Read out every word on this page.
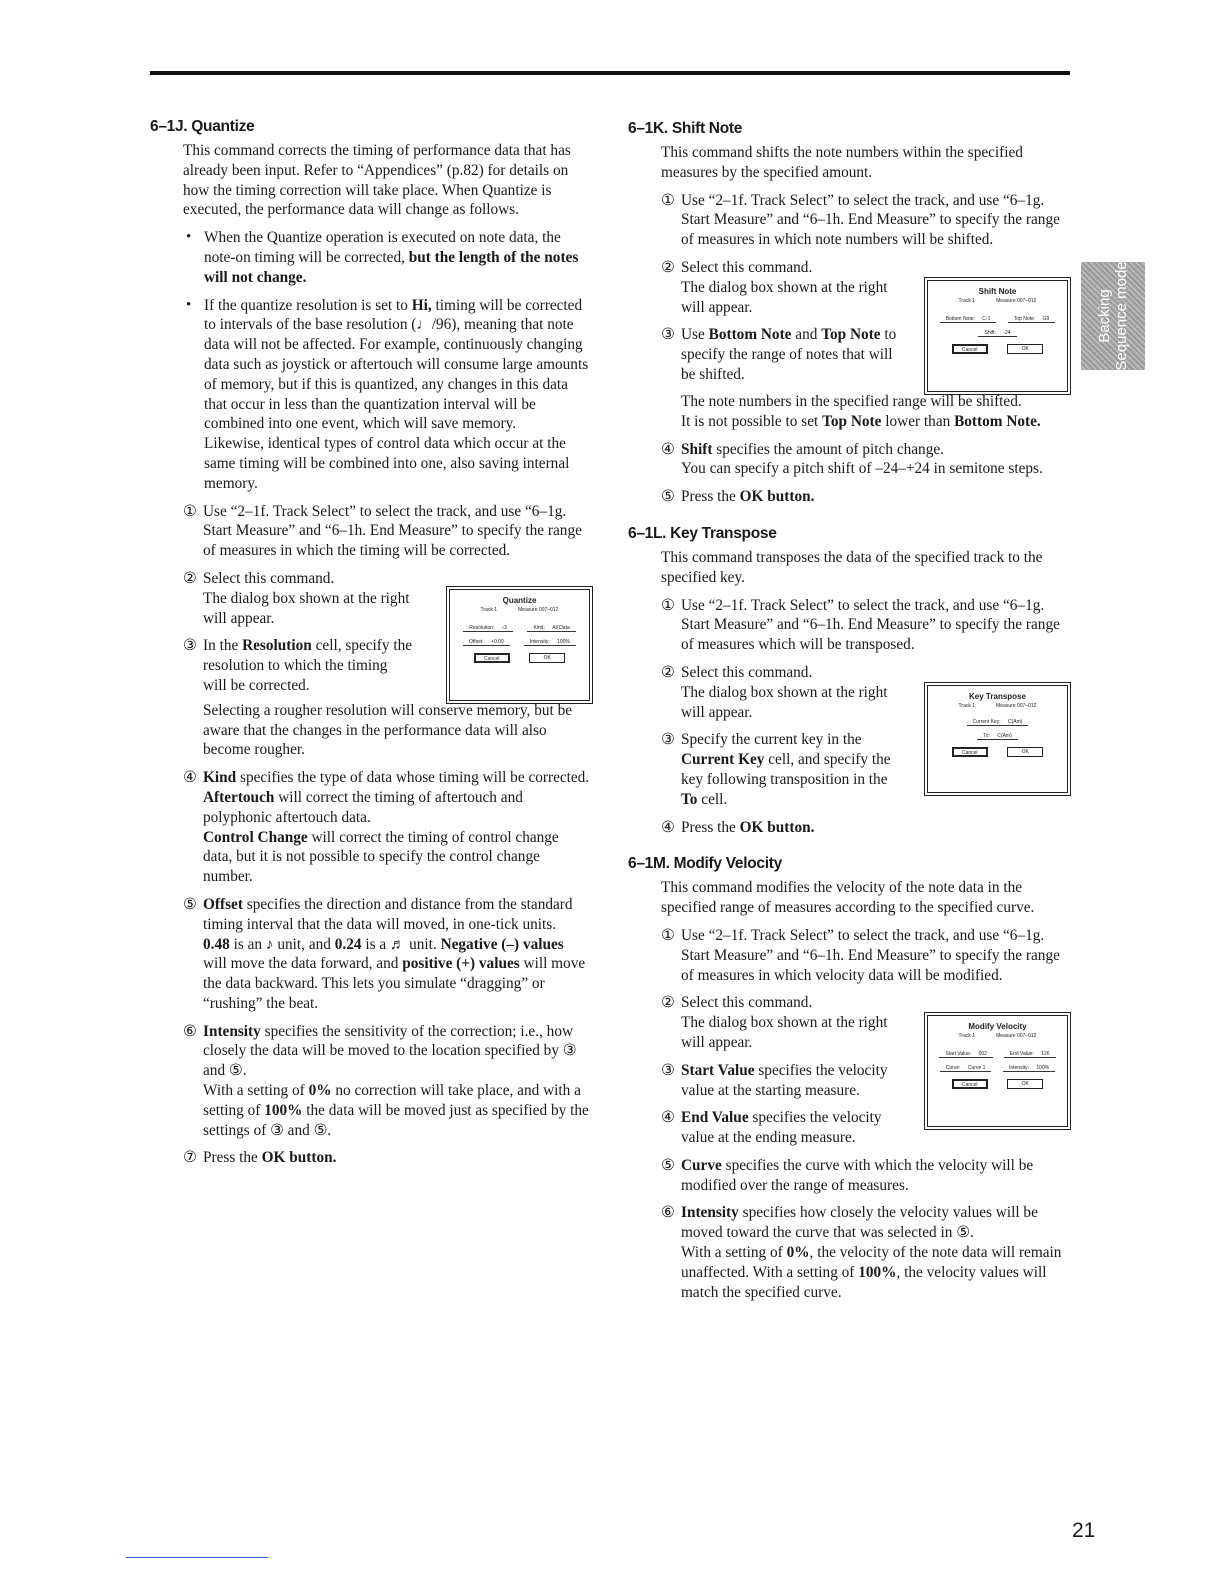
Backing
Sequence mode
6–1J. Quantize

This command corrects the timing of performance data that has already been input. Refer to “Appendices” (p.82) for details on how the timing correction will take place. When Quantize is executed, the performance data will change as follows.

• When the Quantize operation is executed on note data, the note-on timing will be corrected, but the length of the notes will not change.

• If the quantize resolution is set to Hi, timing will be corrected to intervals of the base resolution (♩/96), meaning that note data will not be affected. For example, continuously changing data such as joystick or aftertouch will consume large amounts of memory, but if this is quantized, any changes in this data that occur in less than the quantization interval will be combined into one event, which will save memory.
Likewise, identical types of control data which occur at the same timing will be combined into one, also saving internal memory.

① Use “2–1f. Track Select” to select the track, and use “6–1g. Start Measure” and “6–1h. End Measure” to specify the range of measures in which the timing will be corrected.

② Select this command.

The dialog box shown at the right will appear.

③ In the Resolution cell, specify the resolution to which the timing will be corrected.

Quantize
Track 1	Measure 007–012
Resolution: ♪3	Kind: All Data
Offset: +0.00	Intensity: 100%
Cancel	OK

Selecting a rougher resolution will conserve memory, but be aware that the changes in the performance data will also become rougher.

④ Kind specifies the type of data whose timing will be corrected.

Aftertouch will correct the timing of aftertouch and polyphonic aftertouch data.

Control Change will correct the timing of control change data, but it is not possible to specify the control change number.

⑤ Offset specifies the direction and distance from the standard timing interval that the data will moved, in one-tick units.

0.48 is an ♪ unit, and 0.24 is a ♬ unit. Negative (–) values will move the data forward, and positive (+) values will move the data backward. This lets you simulate “dragging” or “rushing” the beat.

⑥ Intensity specifies the sensitivity of the correction; i.e., how closely the data will be moved to the location specified by ③ and ⑤.

With a setting of 0% no correction will take place, and with a setting of 100% the data will be moved just as specified by the settings of ③ and ⑤.

⑦ Press the OK button.

6–1K. Shift Note

This command shifts the note numbers within the specified measures by the specified amount.

① Use “2–1f. Track Select” to select the track, and use “6–1g. Start Measure” and “6–1h. End Measure” to specify the range of measures in which note numbers will be shifted.

② Select this command.

The dialog box shown at the right will appear.

③ Use Bottom Note and Top Note to specify the range of notes that will be shifted.

Shift Note
Track 1	Measure 007–012
Bottom Note: C-1	Top Note: G9
Shift: -24
Cancel	OK

The note numbers in the specified range will be shifted.

It is not possible to set Top Note lower than Bottom Note.

④ Shift specifies the amount of pitch change.

You can specify a pitch shift of –24–+24 in semitone steps.

⑤ Press the OK button.

6–1L. Key Transpose

This command transposes the data of the specified track to the specified key.

① Use “2–1f. Track Select” to select the track, and use “6–1g. Start Measure” and “6–1h. End Measure” to specify the range of measures which will be transposed.

② Select this command.

The dialog box shown at the right will appear.

③ Specify the current key in the Current Key cell, and specify the key following transposition in the To cell.

Key Transpose
Track 1	Measure 007–012
Current Key: C(Am)
To: C(Am)
Cancel	OK

④ Press the OK button.

6–1M. Modify Velocity

This command modifies the velocity of the note data in the specified range of measures according to the specified curve.

① Use “2–1f. Track Select” to select the track, and use “6–1g. Start Measure” and “6–1h. End Measure” to specify the range of measures in which velocity data will be modified.

② Select this command.

The dialog box shown at the right will appear.

③ Start Value specifies the velocity value at the starting measure.

④ End Value specifies the velocity value at the ending measure.

Modify Velocity
Track 1	Measure 007–012
Start Value: 002	End Value: 126
Curve: Curve 1	Intensity: 100%
Cancel	OK

⑤ Curve specifies the curve with which the velocity will be modified over the range of measures.

⑥ Intensity specifies how closely the velocity values will be moved toward the curve that was selected in ⑤.

With a setting of 0%, the velocity of the note data will remain unaffected. With a setting of 100%, the velocity values will match the specified curve.

21
